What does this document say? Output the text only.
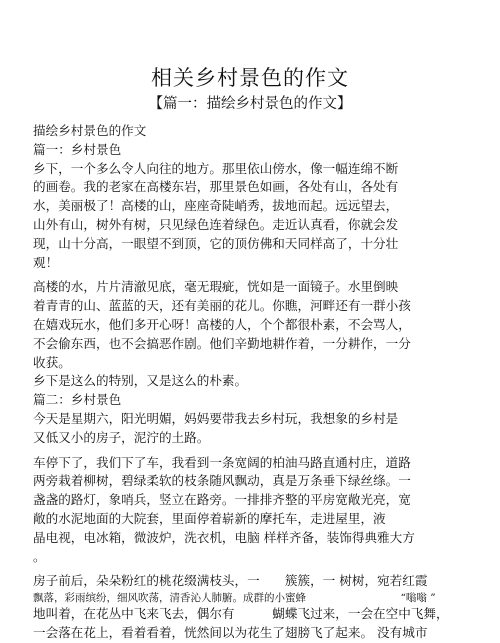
相关乡村景色的作文
【篇一：描绘乡村景色的作文】

描绘乡村景色的作文

篇一：乡村景色

乡下，一个多么令人向往的地方。那里依山傍水，像一幅连绵不断

的画卷。我的老家在高楼东岩，那里景色如画，各处有山，各处有

水，美丽极了！高楼的山，座座奇陡峭秀，拔地而起。远远望去，

山外有山，树外有树，只见绿色连着绿色。走近认真看，你就会发

现，山十分高，一眼望不到顶，它的顶仿佛和天同样高了，十分壮

观！

高楼的水，片片清澈见底，毫无瑕疵，恍如是一面镜子。水里倒映

着青青的山、蓝蓝的天，还有美丽的花儿。你瞧，河畔还有一群小孩

在嬉戏玩水，他们多开心呀！高楼的人，个个都很朴素，不会骂人，

不会偷东西，也不会搞恶作剧。他们辛勤地耕作着，一分耕作，一分

收获。

乡下是这么的特别，又是这么的朴素。

篇二：乡村景色

今天是星期六，阳光明媚，妈妈要带我去乡村玩，我想象的乡村是

又低又小的房子，泥泞的土路。

车停下了，我们下了车，我看到一条宽阔的柏油马路直通村庄，道路

两旁栽着柳树，碧绿柔软的枝条随风飘动，真是万条垂下绿丝绦。一

盏盏的路灯，象哨兵，竖立在路旁。一排排齐整的平房宽敞光亮，宽

敞的水泥地面的大院套，里面停着崭新的摩托车，走进屋里，液

晶电视，电冰箱，微波炉，洗衣机，电脑 样样齐备，装饰得典雅大方

。

房子前后，朵朵粉红的桃花缀满枝头，一　　簇簇，一 树树，宛若红霞

飘落，彩雨缤纷，细风吹荡，清香沁人肺腑。成群的小蜜蜂　　　　　　　　　“嗡嗡 ”

地叫着，在花丛中飞来飞去，偶尔有　　　蝴蝶飞过来，一会在空中飞舞，

一会落在花上，看着看着，恍然间以为花生了翅膀飞了起来。 没有城市
